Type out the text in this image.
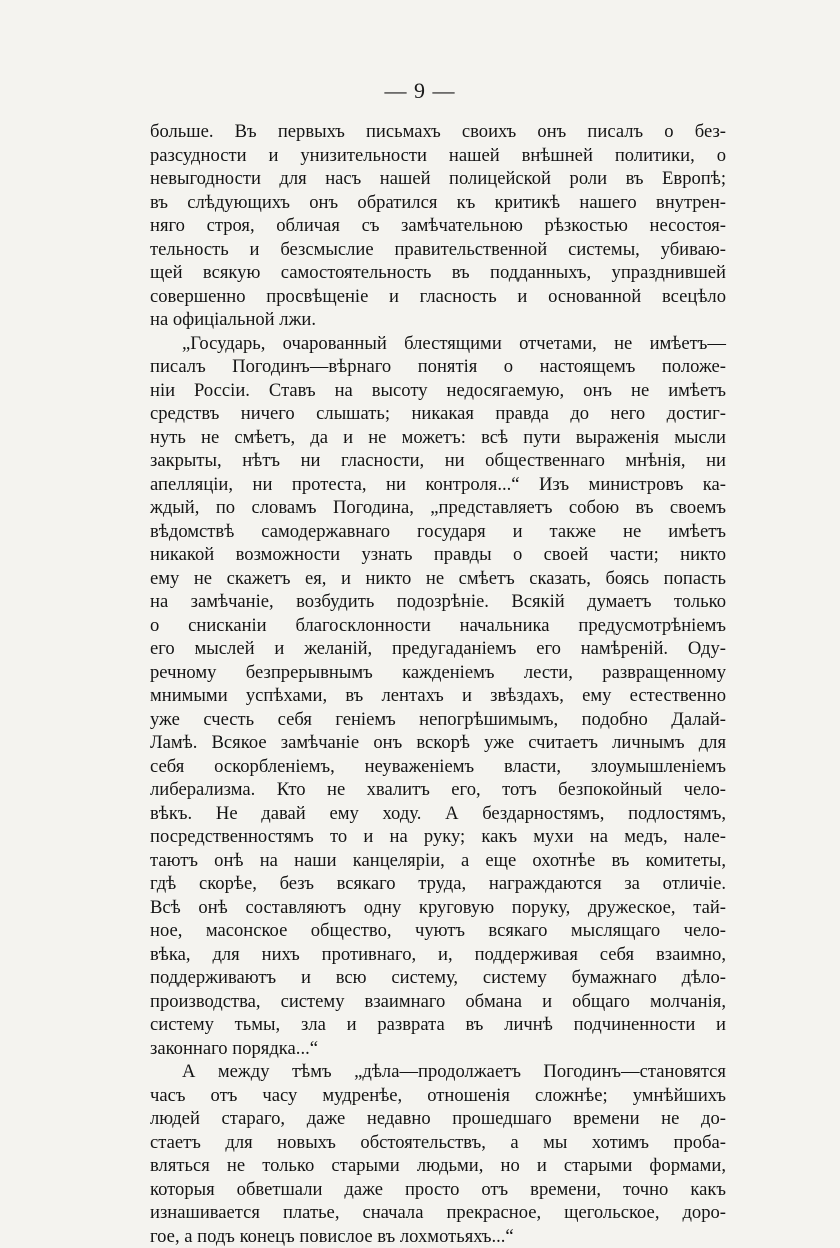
— 9 —
больше. Въ первыхъ письмахъ своихъ онъ писалъ о без-
разсудности и унизительности нашей внѣшней политики, о
невыгодности для насъ нашей полицейской роли въ Европѣ;
въ слѣдующихъ онъ обратился къ критикѣ нашего внутрен-
няго строя, обличая съ замѣчательною рѣзкостью несостоя-
тельность и безсмыслие правительственной системы, убиваю-
щей всякую самостоятельность въ подданныхъ, упразднившей
совершенно просвѣщеніе и гласность и основанной всецѣло
на офиціальной лжи.
„Государь, очарованный блестящими отчетами, не имѣетъ—
писалъ Погодинъ—вѣрнаго понятія о настоящемъ положе-
ніи Россіи. Ставъ на высоту недосягаемую, онъ не имѣетъ
средствъ ничего слышать; никакая правда до него достиг-
нуть не смѣетъ, да и не можетъ: всѣ пути выраженія мысли
закрыты, нѣтъ ни гласности, ни общественнаго мнѣнія, ни
апелляціи, ни протеста, ни контроля...“ Изъ министровъ ка-
ждый, по словамъ Погодина, „представляетъ собою въ своемъ
вѣдомствѣ самодержавнаго государя и также не имѣетъ
никакой возможности узнать правды о своей части; никто
ему не скажетъ ея, и никто не смѣетъ сказать, боясь попасть
на замѣчаніе, возбудить подозрѣніе. Всякій думаетъ только
о снисканіи благосклонности начальника предусмотрѣніемъ
его мыслей и желаній, предугаданіемъ его намѣреній. Оду-
речному безпрерывнымъ кажденіемъ лести, развращенному
мнимыми успѣхами, въ лентахъ и звѣздахъ, ему естественно
уже счесть себя геніемъ непогрѣшимымъ, подобно Далай-
Ламѣ. Всякое замѣчаніе онъ вскорѣ уже считаетъ личнымъ для
себя оскорбленіемъ, неуваженіемъ власти, злоумышленіемъ
либерализма. Кто не хвалитъ его, тотъ безпокойный чело-
вѣкъ. Не давай ему ходу. А бездарностямъ, подлостямъ,
посредственностямъ то и на руку; какъ мухи на медъ, нале-
таютъ онѣ на наши канцеляріи, а еще охотнѣе въ комитеты,
гдѣ скорѣе, безъ всякаго труда, награждаются за отличіе.
Всѣ онѣ составляютъ одну круговую поруку, дружеское, тай-
ное, масонское общество, чуютъ всякаго мыслящаго чело-
вѣка, для нихъ противнаго, и, поддерживая себя взаимно,
поддерживаютъ и всю систему, систему бумажнаго дѣло-
производства, систему взаимнаго обмана и общаго молчанія,
систему тьмы, зла и разврата въ личнѣ подчиненности и
законнаго порядка...“
А между тѣмъ „дѣла—продолжаетъ Погодинъ—становятся
часъ отъ часу мудренѣе, отношенія сложнѣе; умнѣйшихъ
людей стараго, даже недавно прошедшаго времени не до-
стаетъ для новыхъ обстоятельствъ, а мы хотимъ проба-
вляться не только старыми людьми, но и старыми формами,
которыя обветшали даже просто отъ времени, точно какъ
изнашивается платье, сначала прекрасное, щегольское, доро-
гое, а подъ конецъ повислое въ лохмотьяхъ...“
